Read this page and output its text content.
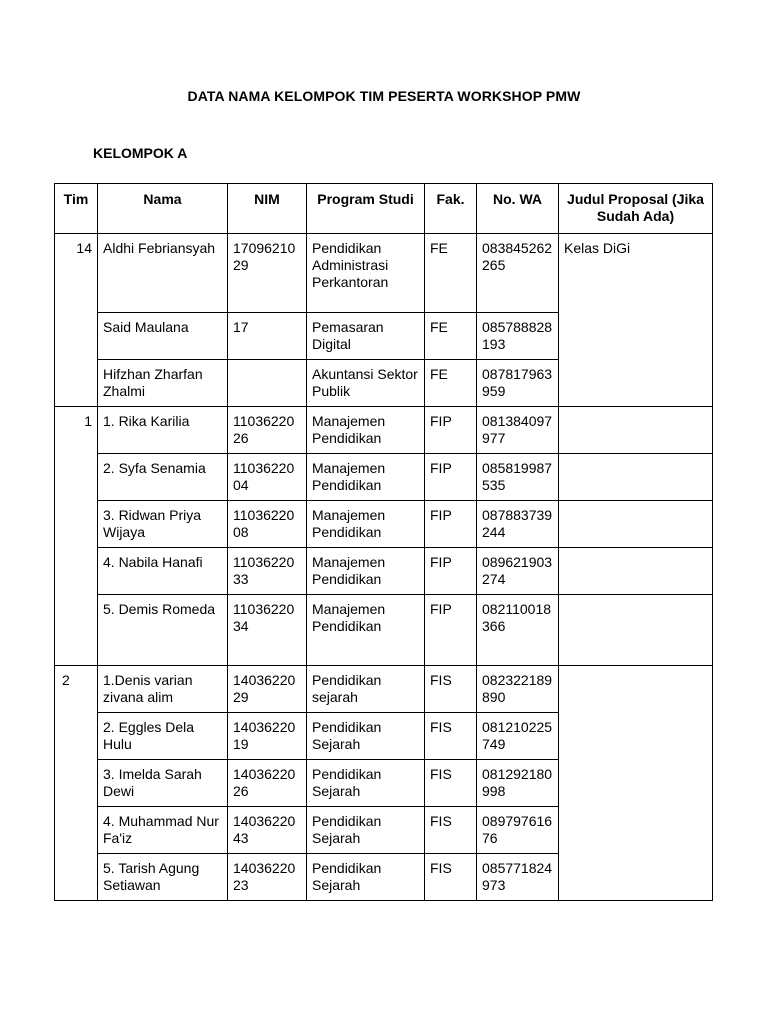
DATA NAMA KELOMPOK TIM PESERTA WORKSHOP PMW
KELOMPOK A
Tim	Nama	NIM	Program Studi	Fak.	No. WA	Judul Proposal (Jika Sudah Ada)
14	Aldhi Febriansyah	1709621029	Pendidikan Administrasi Perkantoran	FE	083845262265	Kelas DiGi
	Said Maulana	17	Pemasaran Digital	FE	085788828193	
	Hifzhan Zharfan Zhalmi		Akuntansi Sektor Publik	FE	087817963959	
1	1. Rika Karilia	1103622026	Manajemen Pendidikan	FIP	081384097977	
	2. Syfa Senamia	1103622004	Manajemen Pendidikan	FIP	085819987535	
	3. Ridwan Priya Wijaya	1103622008	Manajemen Pendidikan	FIP	087883739244	
	4. Nabila Hanafi	1103622033	Manajemen Pendidikan	FIP	089621903274	
	5. Demis Romeda	1103622034	Manajemen Pendidikan	FIP	082110018366	
2	1.Denis varian zivana alim	1403622029	Pendidikan sejarah	FIS	082322189890	
	2. Eggles Dela Hulu	1403622019	Pendidikan Sejarah	FIS	081210225749	
	3. Imelda Sarah Dewi	1403622026	Pendidikan Sejarah	FIS	081292180998	
	4. Muhammad Nur Fa'iz	1403622043	Pendidikan Sejarah	FIS	08979761676	
	5. Tarish Agung Setiawan	1403622023	Pendidikan Sejarah	FIS	085771824973	
